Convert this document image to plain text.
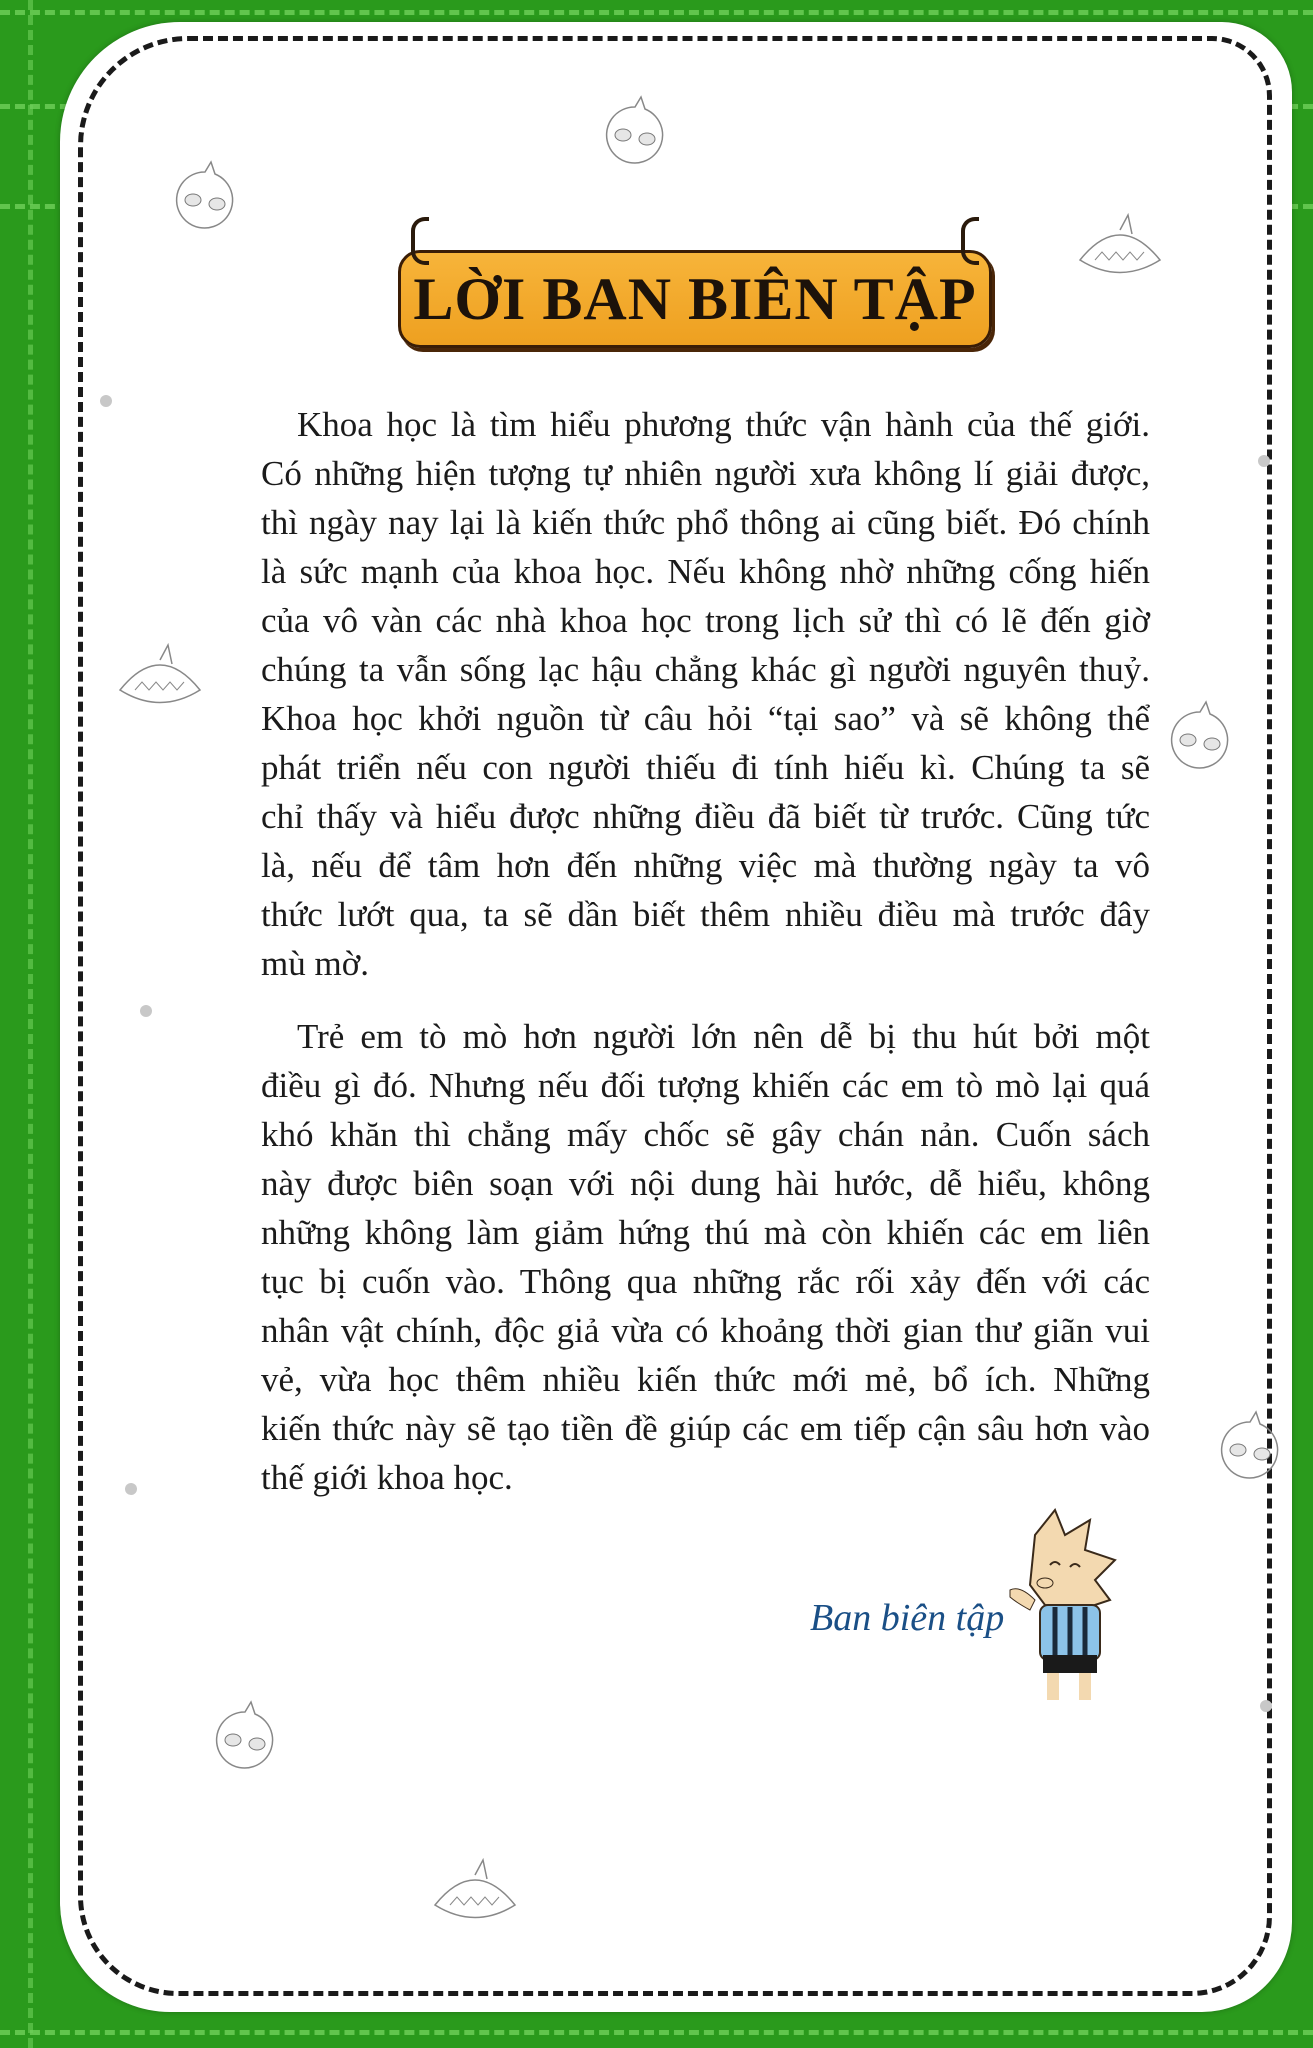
LỜI BAN BIÊN TẬP
Khoa học là tìm hiểu phương thức vận hành của thế giới.
Có những hiện tượng tự nhiên người xưa không lí giải được,
thì ngày nay lại là kiến thức phổ thông ai cũng biết. Đó chính
là sức mạnh của khoa học. Nếu không nhờ những cống hiến
của vô vàn các nhà khoa học trong lịch sử thì có lẽ đến giờ
chúng ta vẫn sống lạc hậu chẳng khác gì người nguyên thuỷ.
Khoa học khởi nguồn từ câu hỏi “tại sao” và sẽ không thể
phát triển nếu con người thiếu đi tính hiếu kì. Chúng ta sẽ
chỉ thấy và hiểu được những điều đã biết từ trước. Cũng tức
là, nếu để tâm hơn đến những việc mà thường ngày ta vô
thức lướt qua, ta sẽ dần biết thêm nhiều điều mà trước đây
mù mờ.
Trẻ em tò mò hơn người lớn nên dễ bị thu hút bởi một
điều gì đó. Nhưng nếu đối tượng khiến các em tò mò lại quá
khó khăn thì chẳng mấy chốc sẽ gây chán nản. Cuốn sách
này được biên soạn với nội dung hài hước, dễ hiểu, không
những không làm giảm hứng thú mà còn khiến các em liên
tục bị cuốn vào. Thông qua những rắc rối xảy đến với các
nhân vật chính, độc giả vừa có khoảng thời gian thư giãn vui
vẻ, vừa học thêm nhiều kiến thức mới mẻ, bổ ích. Những
kiến thức này sẽ tạo tiền đề giúp các em tiếp cận sâu hơn vào
thế giới khoa học.
Ban biên tập
